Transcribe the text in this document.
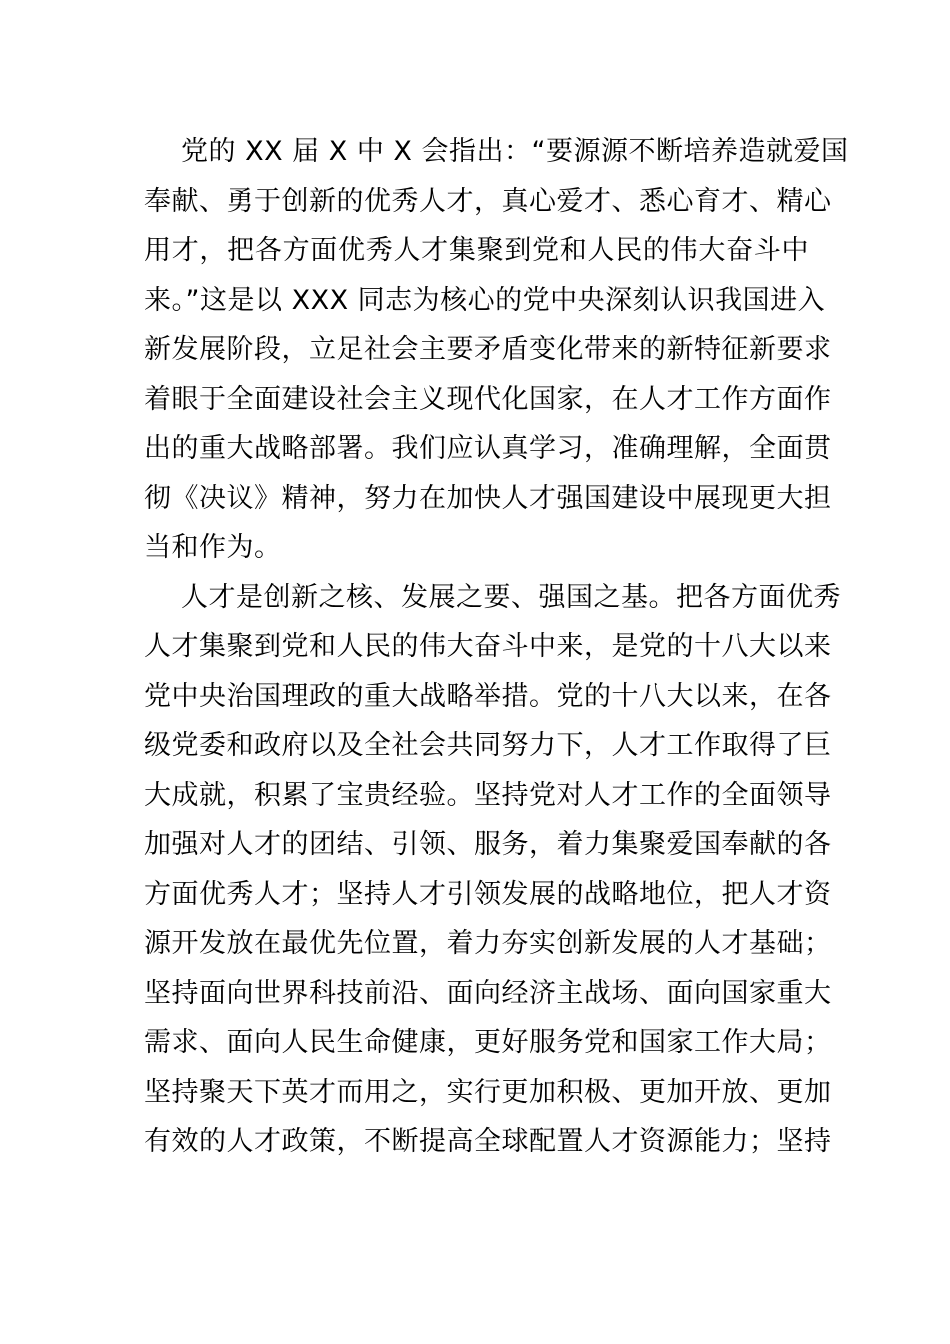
党的 XX 届 X 中 X 会指出：“要源源不断培养造就爱国
奉献、勇于创新的优秀人才，真心爱才、悉心育才、精心
用才，把各方面优秀人才集聚到党和人民的伟大奋斗中
来。”这是以 XXX 同志为核心的党中央深刻认识我国进入
新发展阶段，立足社会主要矛盾变化带来的新特征新要求
着眼于全面建设社会主义现代化国家，在人才工作方面作
出的重大战略部署。我们应认真学习，准确理解，全面贯
彻《决议》精神，努力在加快人才强国建设中展现更大担
当和作为。
人才是创新之核、发展之要、强国之基。把各方面优秀
人才集聚到党和人民的伟大奋斗中来，是党的十八大以来
党中央治国理政的重大战略举措。党的十八大以来，在各
级党委和政府以及全社会共同努力下，人才工作取得了巨
大成就，积累了宝贵经验。坚持党对人才工作的全面领导
加强对人才的团结、引领、服务，着力集聚爱国奉献的各
方面优秀人才；坚持人才引领发展的战略地位，把人才资
源开发放在最优先位置，着力夯实创新发展的人才基础；
坚持面向世界科技前沿、面向经济主战场、面向国家重大
需求、面向人民生命健康，更好服务党和国家工作大局；
坚持聚天下英才而用之，实行更加积极、更加开放、更加
有效的人才政策，不断提高全球配置人才资源能力；坚持
